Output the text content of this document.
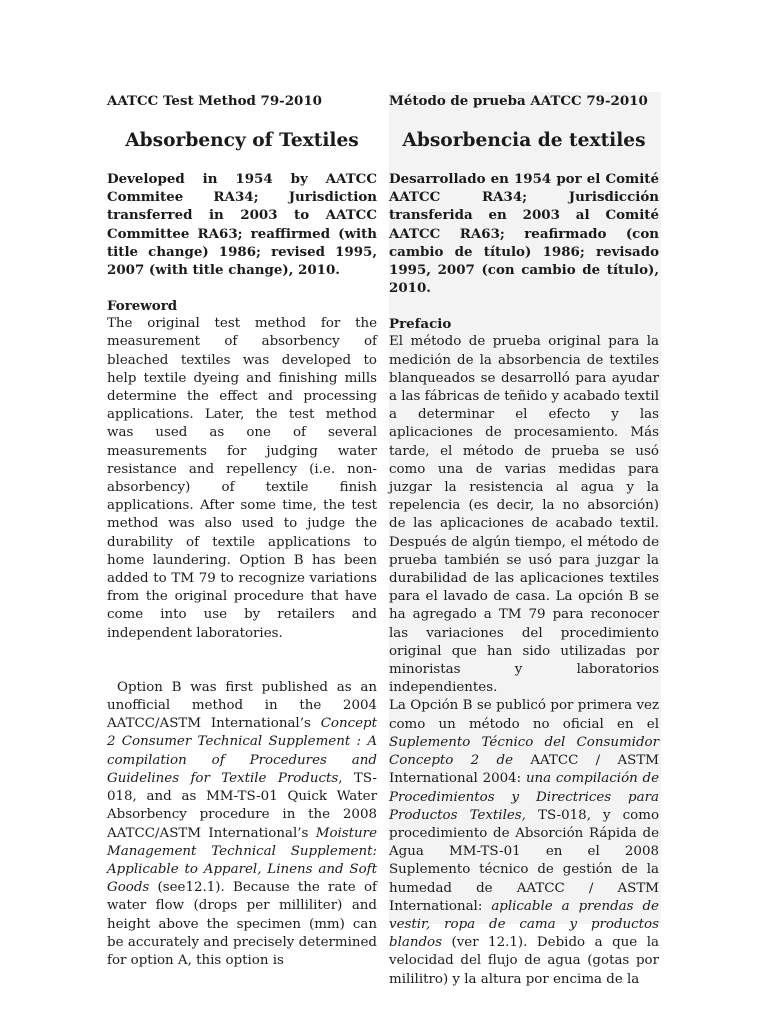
AATCC Test Method 79-2010
Absorbency of Textiles

Developed in 1954 by AATCC Commitee RA34; Jurisdiction transferred in 2003 to AATCC Committee RA63; reaffirmed (with title change) 1986; revised 1995, 2007 (with title change), 2010.

Foreword

The original test method for the measurement of absorbency of bleached textiles was developed to help textile dyeing and finishing mills determine the effect and processing applications. Later, the test method was used as one of several measurements for judging water resistance and repellency (i.e. non-absorbency) of textile finish applications. After some time, the test method was also used to judge the durability of textile applications to home laundering. Option B has been added to TM 79 to recognize variations from the original procedure that have come into use by retailers and independent laboratories.

Option B was first published as an unofficial method in the 2004 AATCC/ASTM International’s Concept 2 Consumer Technical Supplement : A compilation of Procedures and Guidelines for Textile Products, TS-018, and as MM-TS-01 Quick Water Absorbency procedure in the 2008 AATCC/ASTM International’s Moisture Management Technical Supplement: Applicable to Apparel, Linens and Soft Goods (see12.1). Because the rate of water flow (drops per milliliter) and height above the specimen (mm) can be accurately and precisely determined for option A, this option is

Método de prueba AATCC 79-2010
Absorbencia de textiles

Desarrollado en 1954 por el Comité AATCC RA34; Jurisdicción transferida en 2003 al Comité AATCC RA63; reafirmado (con cambio de título) 1986; revisado 1995, 2007 (con cambio de título), 2010.

Prefacio

El método de prueba original para la medición de la absorbencia de textiles blanqueados se desarrolló para ayudar a las fábricas de teñido y acabado textil a determinar el efecto y las aplicaciones de procesamiento. Más tarde, el método de prueba se usó como una de varias medidas para juzgar la resistencia al agua y la repelencia (es decir, la no absorción) de las aplicaciones de acabado textil. Después de algún tiempo, el método de prueba también se usó para juzgar la durabilidad de las aplicaciones textiles para el lavado de casa. La opción B se ha agregado a TM 79 para reconocer las variaciones del procedimiento original que han sido utilizadas por minoristas y laboratorios independientes.

La Opción B se publicó por primera vez como un método no oficial en el Suplemento Técnico del Consumidor Concepto 2 de AATCC / ASTM International 2004: una compilación de Procedimientos y Directrices para Productos Textiles, TS-018, y como procedimiento de Absorción Rápida de Agua MM-TS-01 en el 2008 Suplemento técnico de gestión de la humedad de AATCC / ASTM International: aplicable a prendas de vestir, ropa de cama y productos blandos (ver 12.1). Debido a que la velocidad del flujo de agua (gotas por mililitro) y la altura por encima de la
